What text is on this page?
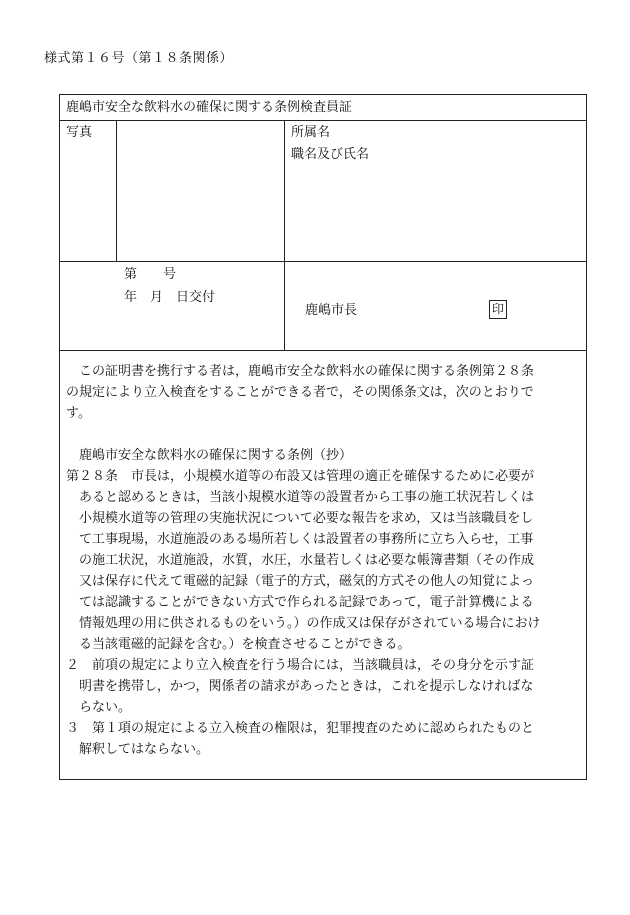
様式第１６号（第１８条関係）
鹿嶋市安全な飲料水の確保に関する条例検査員証
写真	所属名
職名及び氏名
第　　号
年　月　日交付
鹿嶋市長	印
この証明書を携行する者は，鹿嶋市安全な飲料水の確保に関する条例第２８条
の規定により立入検査をすることができる者で，その関係条文は，次のとおりで
す。
鹿嶋市安全な飲料水の確保に関する条例（抄）
第２８条　市長は，小規模水道等の布設又は管理の適正を確保するために必要が
あると認めるときは，当該小規模水道等の設置者から工事の施工状況若しくは
小規模水道等の管理の実施状況について必要な報告を求め，又は当該職員をし
て工事現場，水道施設のある場所若しくは設置者の事務所に立ち入らせ，工事
の施工状況，水道施設，水質，水圧，水量若しくは必要な帳簿書類（その作成
又は保存に代えて電磁的記録（電子的方式，磁気的方式その他人の知覚によっ
ては認識することができない方式で作られる記録であって，電子計算機による
情報処理の用に供されるものをいう。）の作成又は保存がされている場合におけ
る当該電磁的記録を含む。）を検査させることができる。
２　前項の規定により立入検査を行う場合には，当該職員は，その身分を示す証
明書を携帯し，かつ，関係者の請求があったときは，これを提示しなければな
らない。
３　第１項の規定による立入検査の権限は，犯罪捜査のために認められたものと
解釈してはならない。
